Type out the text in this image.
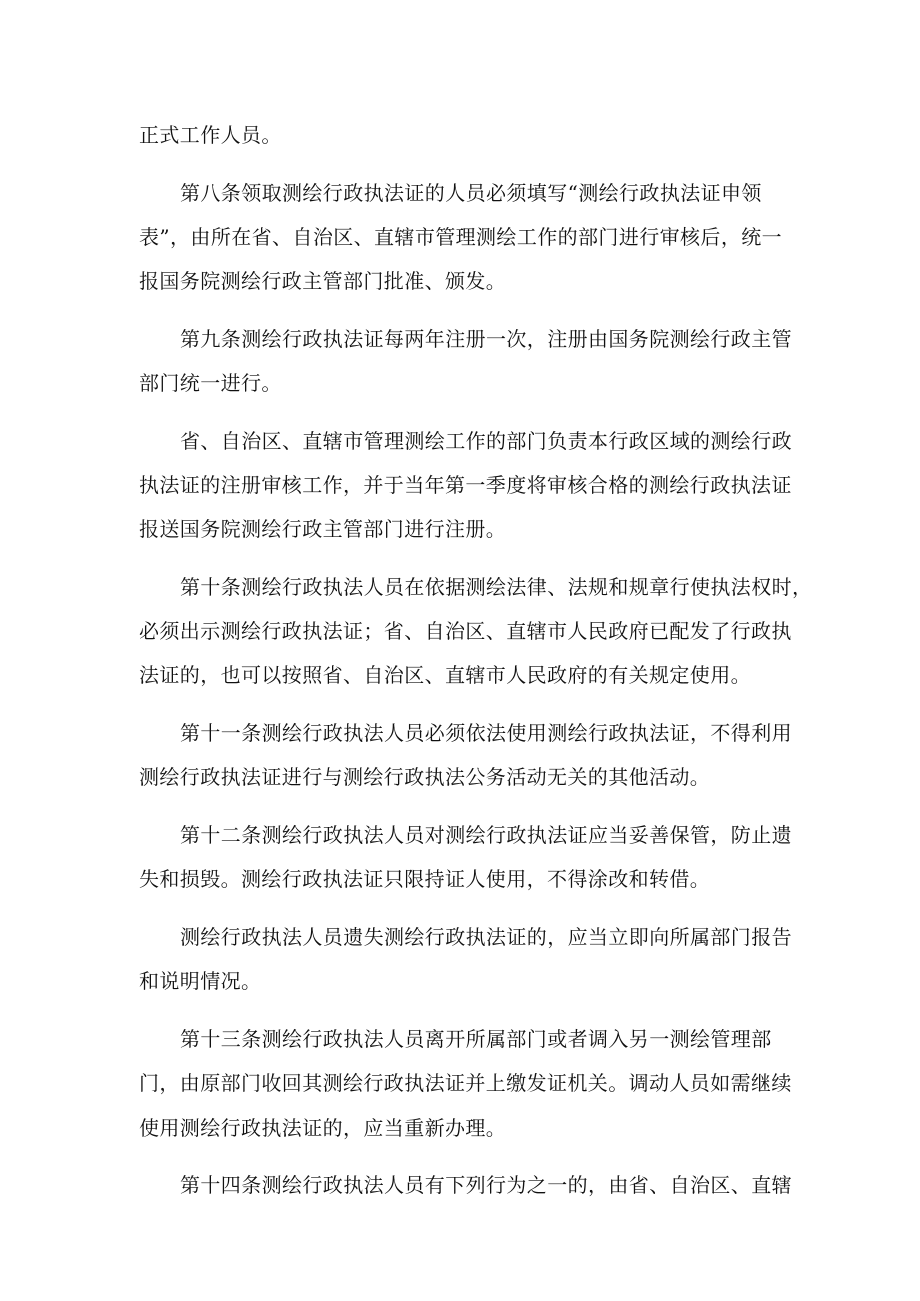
正式工作人员。
第八条领取测绘行政执法证的人员必须填写“测绘行政执法证申领
表”，由所在省、自治区、直辖市管理测绘工作的部门进行审核后，统一
报国务院测绘行政主管部门批准、颁发。
第九条测绘行政执法证每两年注册一次，注册由国务院测绘行政主管
部门统一进行。
省、自治区、直辖市管理测绘工作的部门负责本行政区域的测绘行政
执法证的注册审核工作，并于当年第一季度将审核合格的测绘行政执法证
报送国务院测绘行政主管部门进行注册。
第十条测绘行政执法人员在依据测绘法律、法规和规章行使执法权时，
必须出示测绘行政执法证；省、自治区、直辖市人民政府已配发了行政执
法证的，也可以按照省、自治区、直辖市人民政府的有关规定使用。
第十一条测绘行政执法人员必须依法使用测绘行政执法证，不得利用
测绘行政执法证进行与测绘行政执法公务活动无关的其他活动。
第十二条测绘行政执法人员对测绘行政执法证应当妥善保管，防止遗
失和损毁。测绘行政执法证只限持证人使用，不得涂改和转借。
测绘行政执法人员遗失测绘行政执法证的，应当立即向所属部门报告
和说明情况。
第十三条测绘行政执法人员离开所属部门或者调入另一测绘管理部
门，由原部门收回其测绘行政执法证并上缴发证机关。调动人员如需继续
使用测绘行政执法证的，应当重新办理。
第十四条测绘行政执法人员有下列行为之一的，由省、自治区、直辖
